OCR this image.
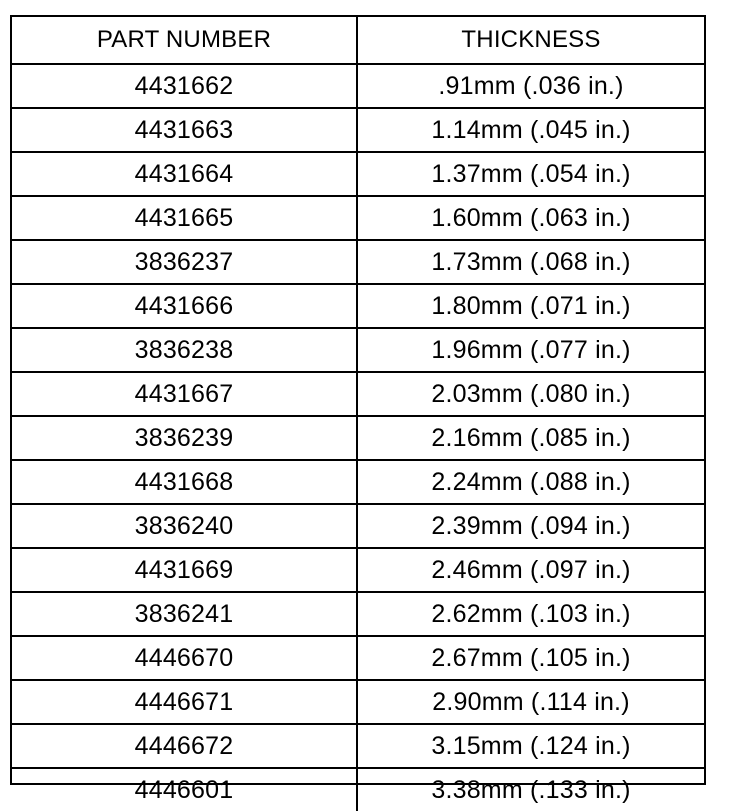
PART NUMBER	THICKNESS
4431662	.91mm (.036 in.)
4431663	1.14mm (.045 in.)
4431664	1.37mm (.054 in.)
4431665	1.60mm (.063 in.)
3836237	1.73mm (.068 in.)
4431666	1.80mm (.071 in.)
3836238	1.96mm (.077 in.)
4431667	2.03mm (.080 in.)
3836239	2.16mm (.085 in.)
4431668	2.24mm (.088 in.)
3836240	2.39mm (.094 in.)
4431669	2.46mm (.097 in.)
3836241	2.62mm (.103 in.)
4446670	2.67mm (.105 in.)
4446671	2.90mm (.114 in.)
4446672	3.15mm (.124 in.)
4446601	3.38mm (.133 in.)
